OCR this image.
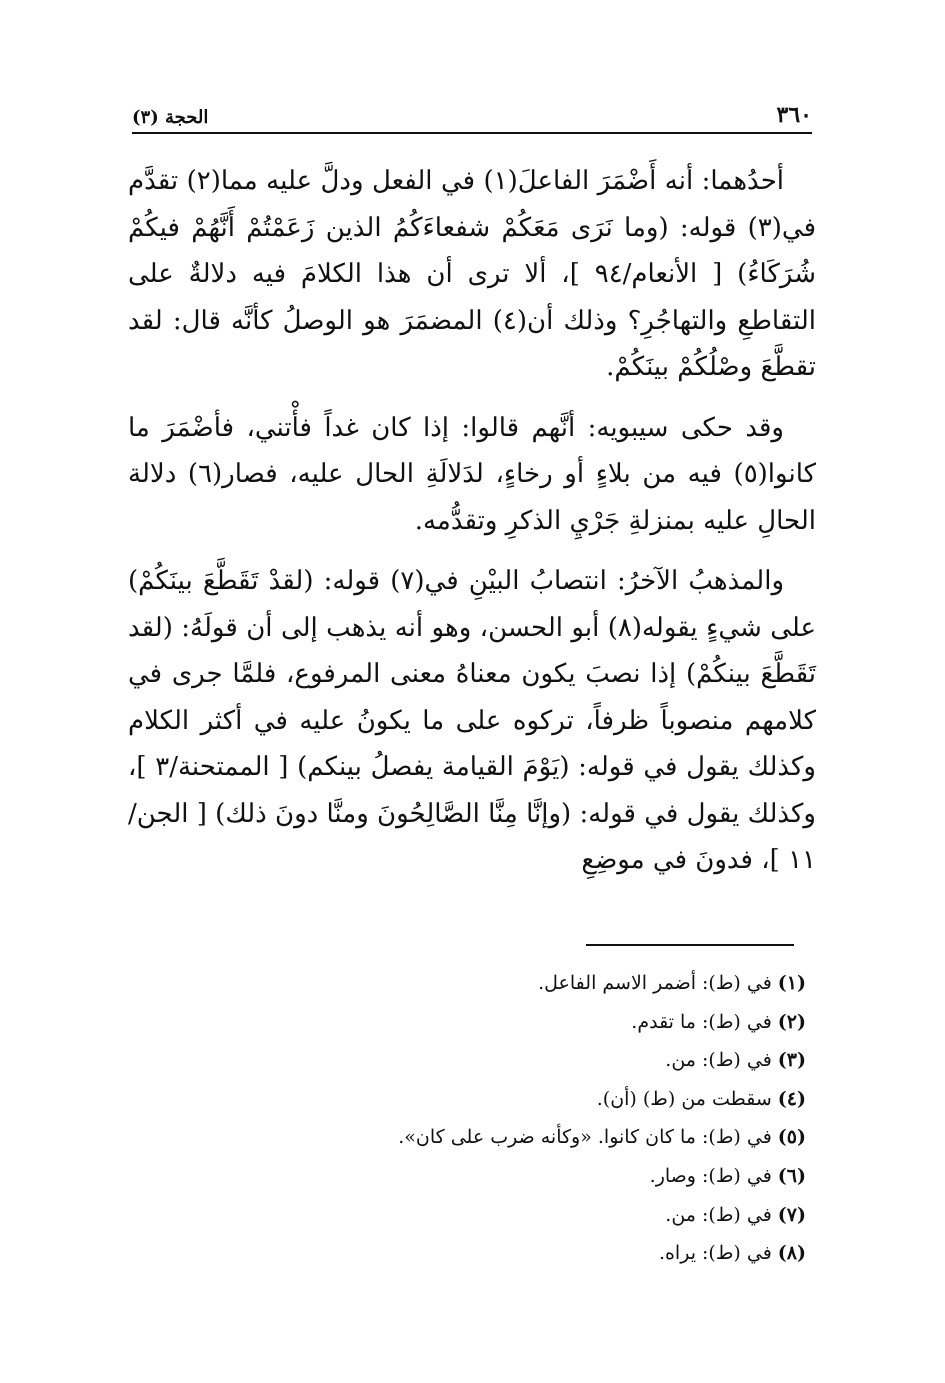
٣٦٠
الحجة (٣)

أحدُهما: أنه أَضْمَرَ الفاعلَ(١) في الفعل ودلَّ عليه مما(٢) تقدَّم في(٣) قوله: (وما نَرَى مَعَكُمْ شفعاءَكُمُ الذين زَعَمْتُمْ أَنَّهُمْ فيكُمْ شُرَكَاءُ) [ الأنعام/٩٤ ]، ألا ترى أن هذا الكلامَ فيه دلالةٌ على التقاطعِ والتهاجُرِ؟ وذلك أن(٤) المضمَرَ هو الوصلُ كأنَّه قال: لقد تقطَّعَ وصْلُكُمْ بينَكُمْ.

وقد حكى سيبويه: أنَّهم قالوا: إذا كان غداً فأْتني، فأضْمَرَ ما كانوا(٥) فيه من بلاءٍ أو رخاءٍ، لدَلالَةِ الحال عليه، فصار(٦) دلالة الحالِ عليه بمنزلةِ جَرْيِ الذكرِ وتقدُّمه.

والمذهبُ الآخرُ: انتصابُ البيْنِ في(٧) قوله: (لقدْ تَقَطَّعَ بينَكُمْ) على شيءٍ يقوله(٨) أبو الحسن، وهو أنه يذهب إلى أن قولَهُ: (لقد تَقَطَّعَ بينكُمْ) إذا نصبَ يكون معناهُ معنى المرفوع، فلمَّا جرى في كلامهم منصوباً ظرفاً، تركوه على ما يكونُ عليه في أكثر الكلام وكذلك يقول في قوله: (يَوْمَ القيامة يفصلُ بينكم) [ الممتحنة/٣ ]، وكذلك يقول في قوله: (وإنَّا مِنَّا الصَّالِحُونَ ومنَّا دونَ ذلك) [ الجن/١١ ]، فدونَ في موضِعِ

(١)في (ط): أضمر الاسم الفاعل.
(٢)في (ط): ما تقدم.
(٣)في (ط): من.
(٤)سقطت من (ط) (أن).
(٥)في (ط): ما كان كانوا. «وكأنه ضرب على كان».
(٦)في (ط): وصار.
(٧)في (ط): من.
(٨)في (ط): يراه.
